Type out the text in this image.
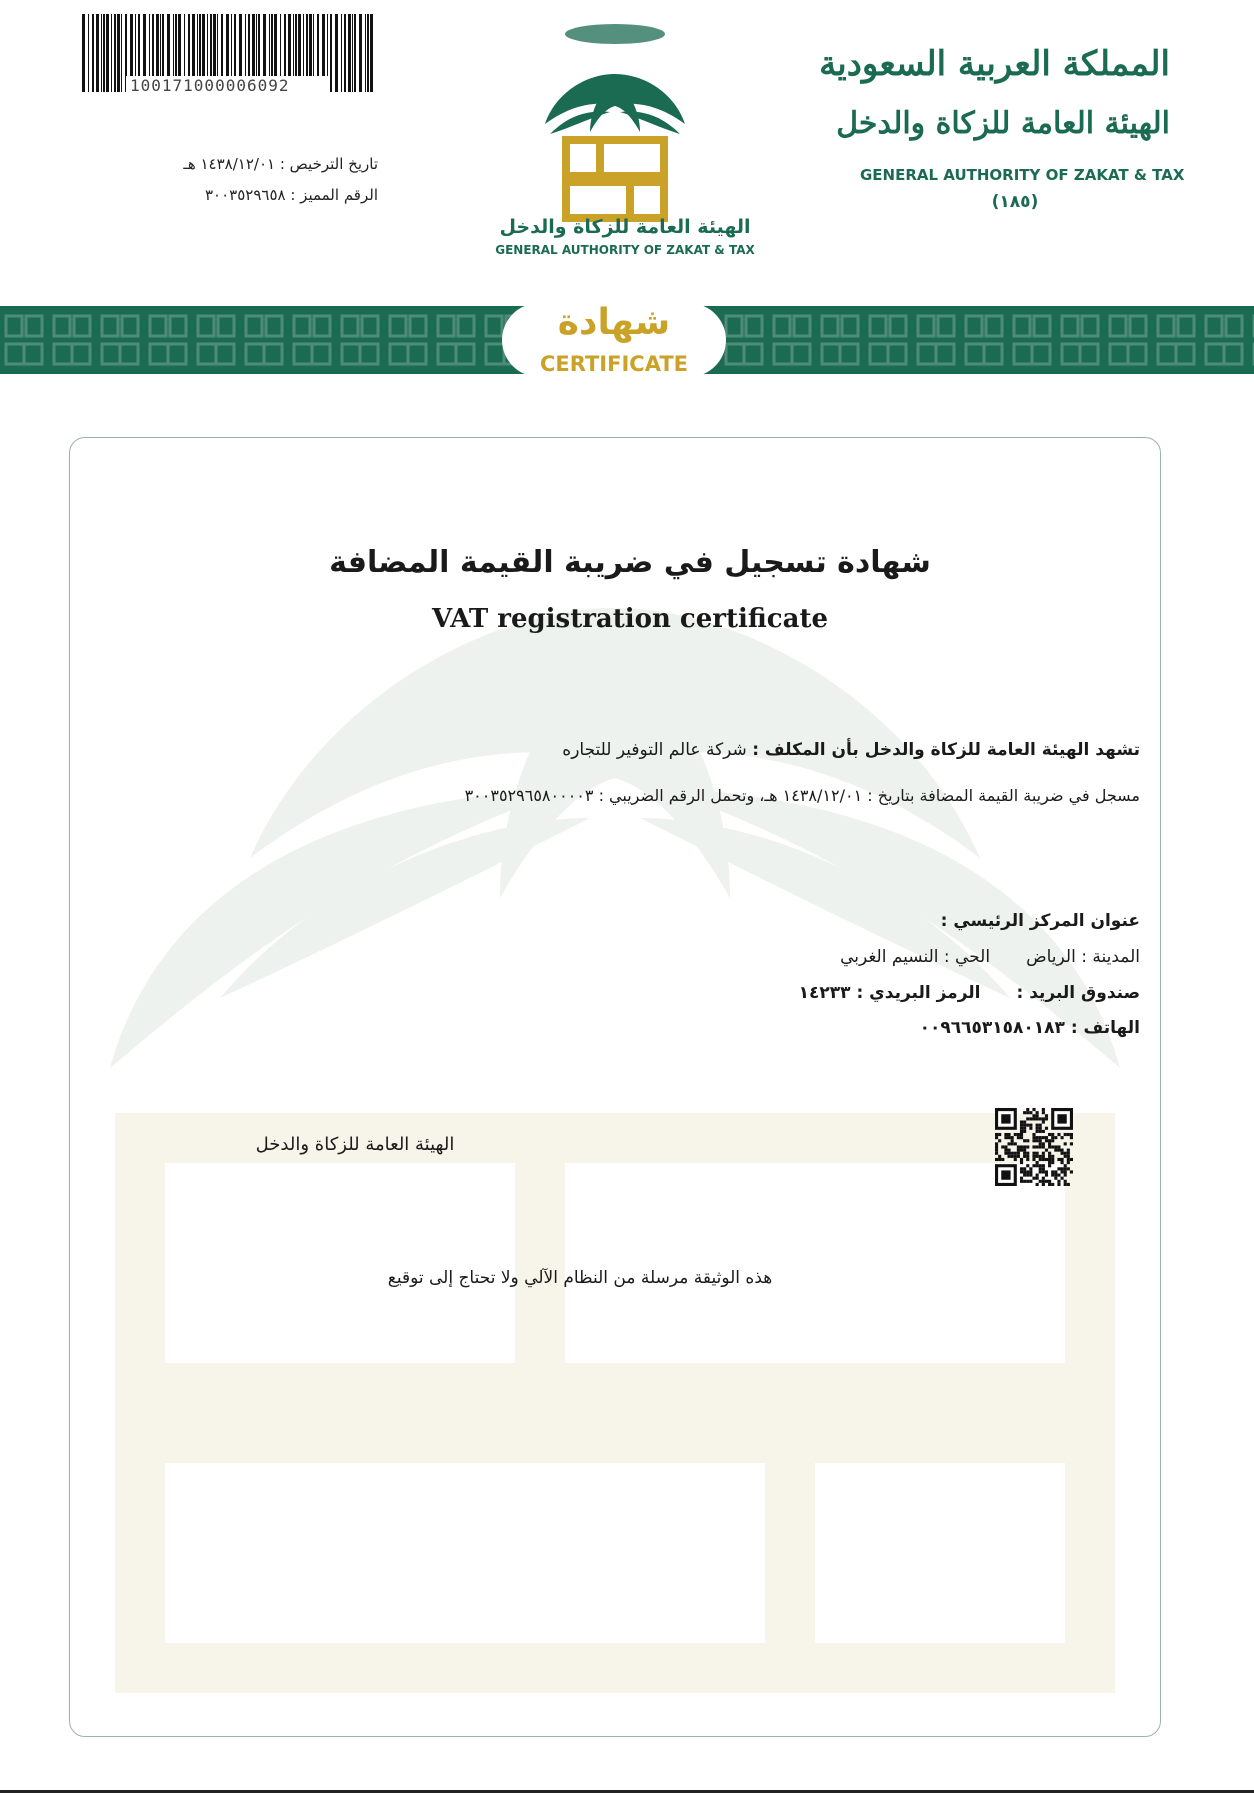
100171000006092
تاريخ الترخيص : ١٤٣٨/١٢/٠١ هـ
الرقم المميز : ٣٠٠٣٥٢٩٦٥٨
الهيئة العامة للزكاة والدخل
GENERAL AUTHORITY OF ZAKAT & TAX
المملكة العربية السعودية
الهيئة العامة للزكاة والدخل
GENERAL AUTHORITY OF ZAKAT & TAX
(١٨٥)
شهادة
CERTIFICATE
شهادة تسجيل في ضريبة القيمة المضافة
VAT registration certificate
تشهد الهيئة العامة للزكاة والدخل بأن المكلف : شركة عالم التوفير للتجاره
مسجل في ضريبة القيمة المضافة بتاريخ : ١٤٣٨/١٢/٠١ هـ، وتحمل الرقم الضريبي : ٣٠٠٣٥٢٩٦٥٨٠٠٠٠٣
عنوان المركز الرئيسي :
المدينة : الرياضالحي : النسيم الغربي
صندوق البريد :الرمز البريدي : ١٤٢٣٣
الهاتف : ٠٠٩٦٦٥٣١٥٨٠١٨٣
الهيئة العامة للزكاة والدخل
هذه الوثيقة مرسلة من النظام الآلي ولا تحتاج إلى توقيع
